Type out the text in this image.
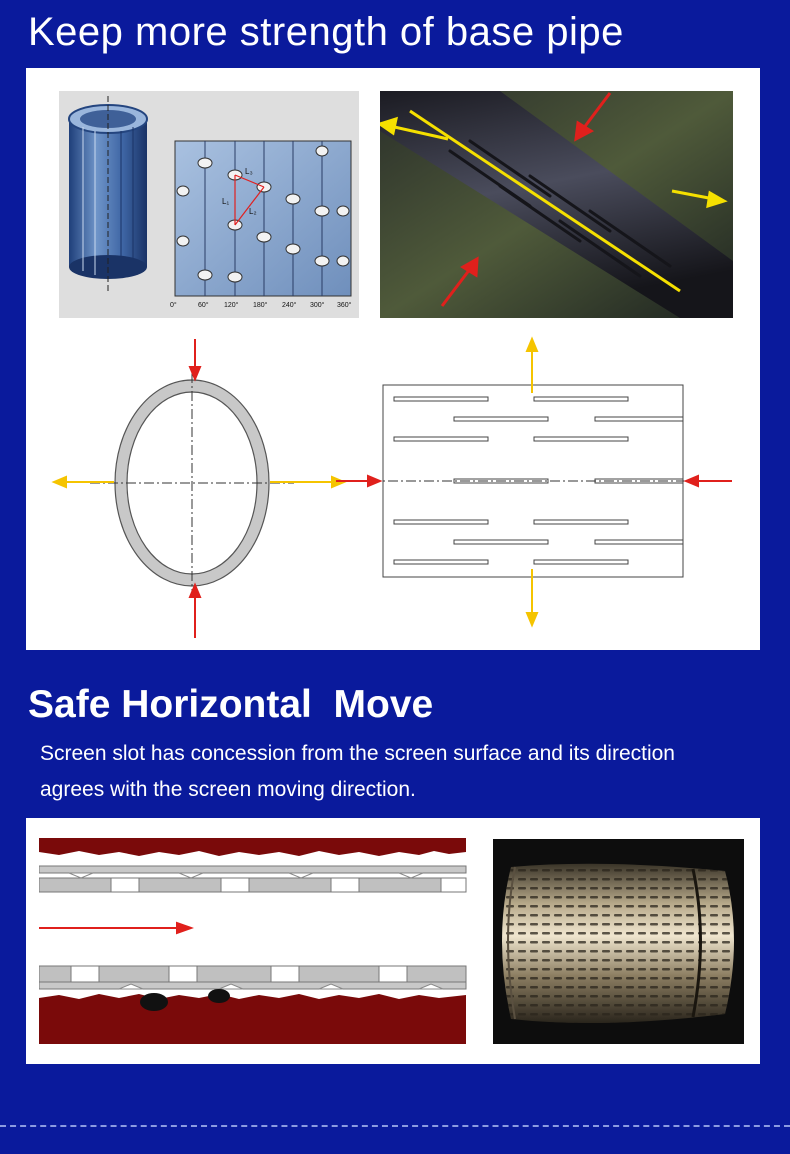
Keep more strength of base pipe
L₃
L₁
L₂
0°	60° 120° 180° 240° 300° 360°
Safe Horizontal  Move

Screen slot has concession from the screen surface and its direction agrees with the screen moving direction.
